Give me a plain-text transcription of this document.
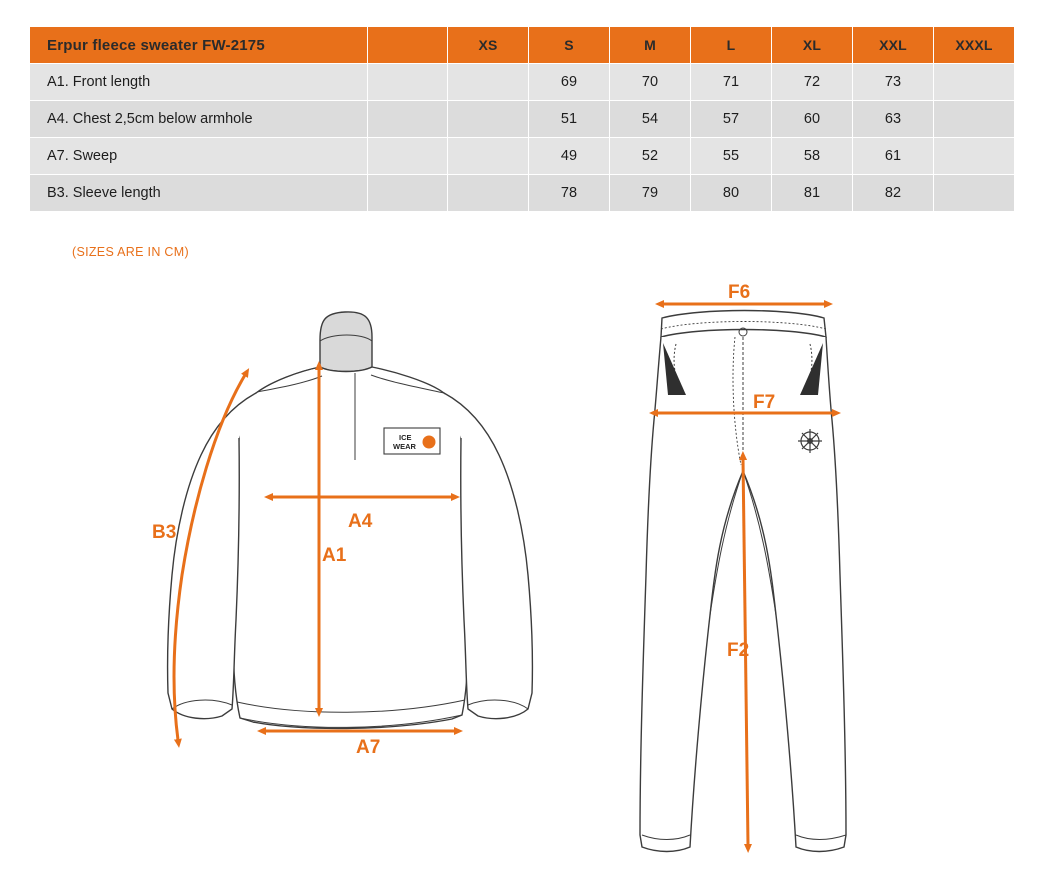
Erpur fleece sweater FW-2175		XS	S	M	L	XL	XXL	XXXL
A1. Front length			69	70	71	72	73	
A4. Chest 2,5cm below armhole			51	54	57	60	63	
A7. Sweep			49	52	55	58	61	
B3. Sleeve length			78	79	80	81	82	
(SIZES ARE IN CM)
ICE
WEAR
B3
A4
A1
A7
F6
F7
F2
